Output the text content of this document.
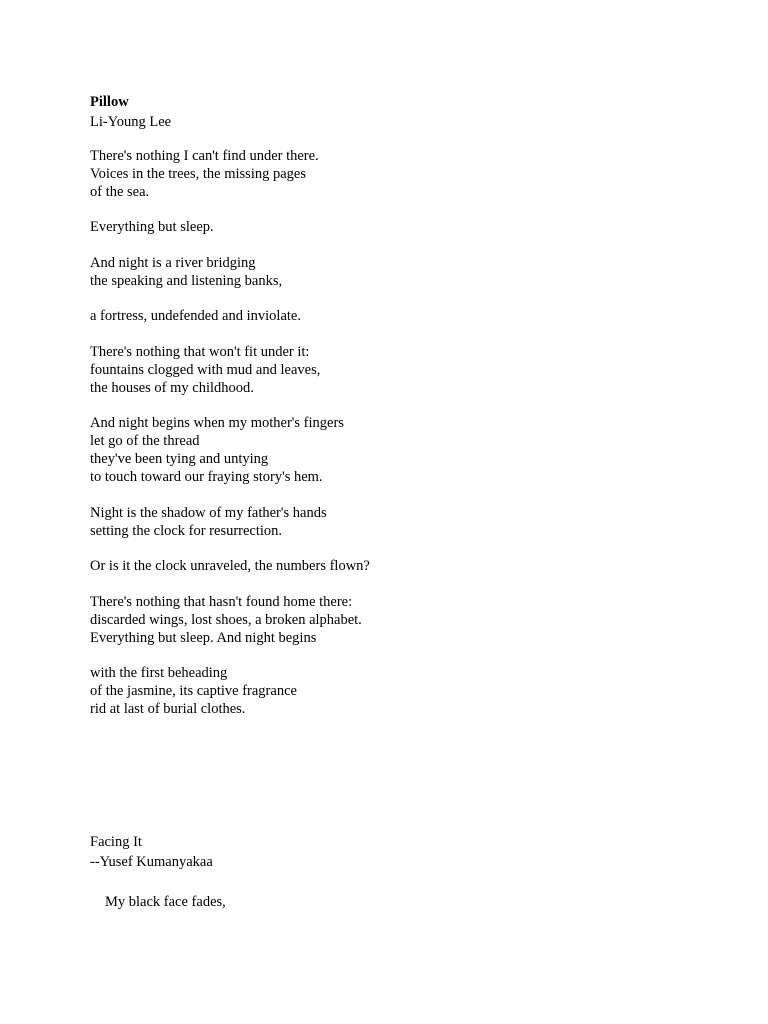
Pillow
Li-Young Lee
There's nothing I can't find under there.
Voices in the trees, the missing pages
of the sea.
Everything but sleep.
And night is a river bridging
the speaking and listening banks,
a fortress, undefended and inviolate.
There's nothing that won't fit under it:
fountains clogged with mud and leaves,
the houses of my childhood.
And night begins when my mother's fingers
let go of the thread
they've been tying and untying
to touch toward our fraying story's hem.
Night is the shadow of my father's hands
setting the clock for resurrection.
Or is it the clock unraveled, the numbers flown?
There's nothing that hasn't found home there:
discarded wings, lost shoes, a broken alphabet.
Everything but sleep. And night begins
with the first beheading
of the jasmine, its captive fragrance
rid at last of burial clothes.
Facing It
--Yusef Kumanyakaa
My black face fades,
